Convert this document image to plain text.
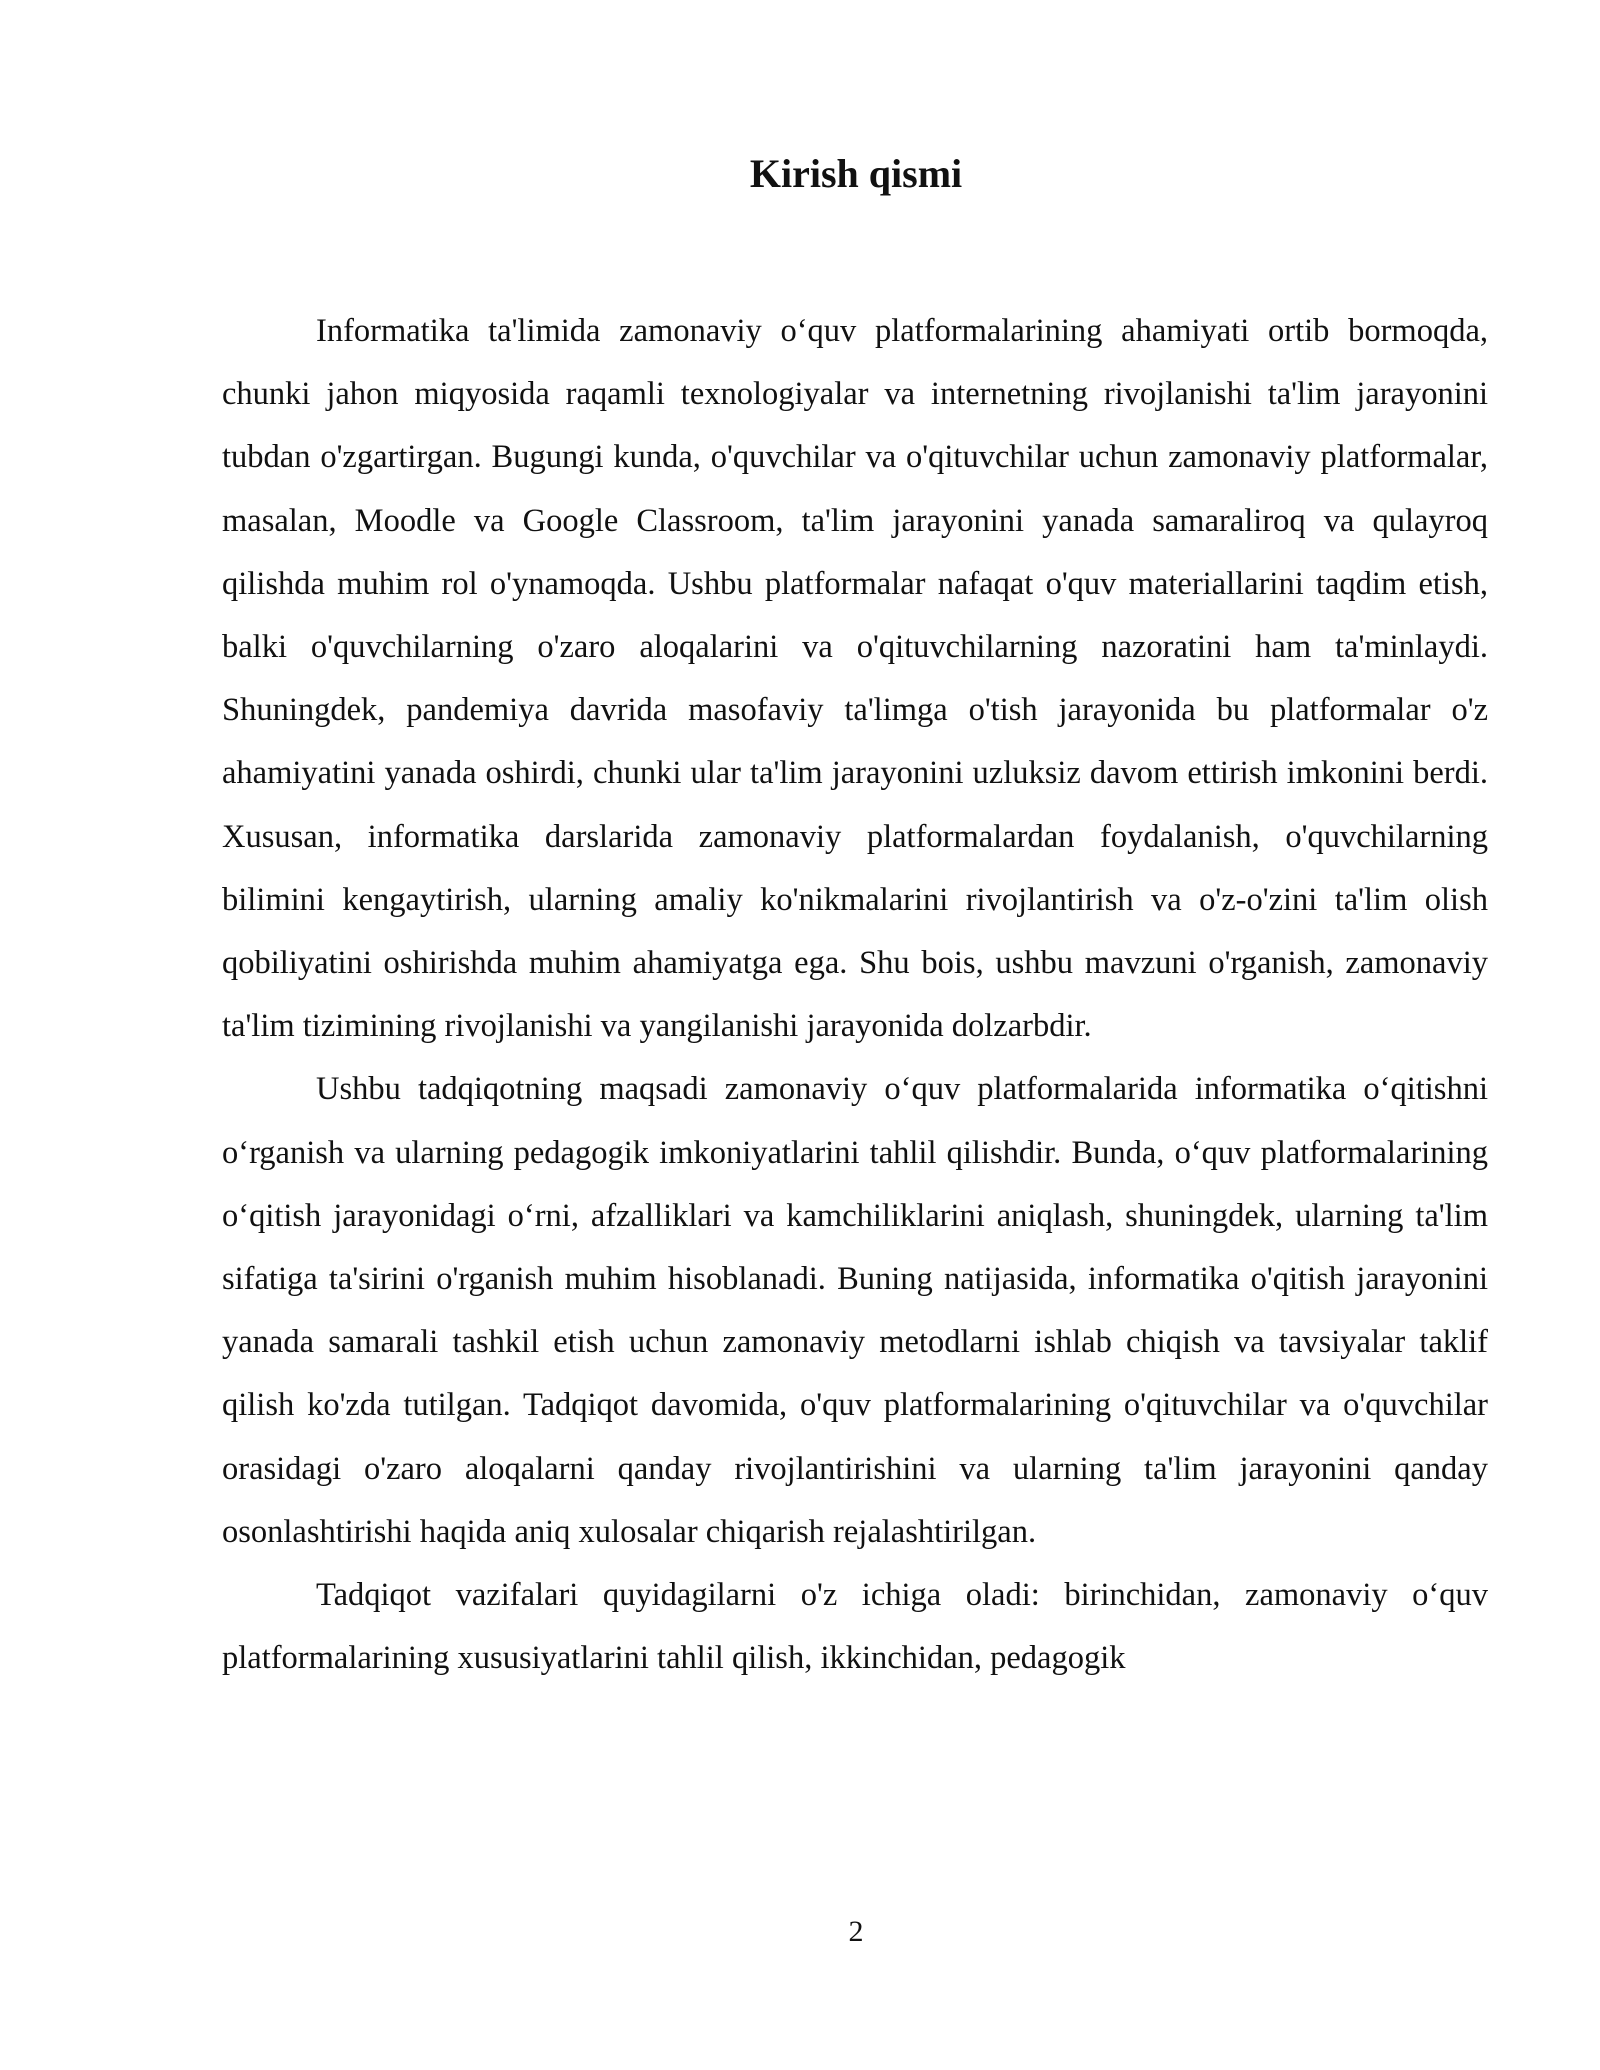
Kirish qismi

Informatika ta'limida zamonaviy o‘quv platformalarining ahamiyati ortib bormoqda, chunki jahon miqyosida raqamli texnologiyalar va internetning rivojlanishi ta'lim jarayonini tubdan o'zgartirgan. Bugungi kunda, o'quvchilar va o'qituvchilar uchun zamonaviy platformalar, masalan, Moodle va Google Classroom, ta'lim jarayonini yanada samaraliroq va qulayroq qilishda muhim rol o'ynamoqda. Ushbu platformalar nafaqat o'quv materiallarini taqdim etish, balki o'quvchilarning o'zaro aloqalarini va o'qituvchilarning nazoratini ham ta'minlaydi. Shuningdek, pandemiya davrida masofaviy ta'limga o'tish jarayonida bu platformalar o'z ahamiyatini yanada oshirdi, chunki ular ta'lim jarayonini uzluksiz davom ettirish imkonini berdi. Xususan, informatika darslarida zamonaviy platformalardan foydalanish, o'quvchilarning bilimini kengaytirish, ularning amaliy ko'nikmalarini rivojlantirish va o'z-o'zini ta'lim olish qobiliyatini oshirishda muhim ahamiyatga ega. Shu bois, ushbu mavzuni o'rganish, zamonaviy ta'lim tizimining rivojlanishi va yangilanishi jarayonida dolzarbdir.

Ushbu tadqiqotning maqsadi zamonaviy o‘quv platformalarida informatika o‘qitishni o‘rganish va ularning pedagogik imkoniyatlarini tahlil qilishdir. Bunda, o‘quv platformalarining o‘qitish jarayonidagi o‘rni, afzalliklari va kamchiliklarini aniqlash, shuningdek, ularning ta'lim sifatiga ta'sirini o'rganish muhim hisoblanadi. Buning natijasida, informatika o'qitish jarayonini yanada samarali tashkil etish uchun zamonaviy metodlarni ishlab chiqish va tavsiyalar taklif qilish ko'zda tutilgan. Tadqiqot davomida, o'quv platformalarining o'qituvchilar va o'quvchilar orasidagi o'zaro aloqalarni qanday rivojlantirishini va ularning ta'lim jarayonini qanday osonlashtirishi haqida aniq xulosalar chiqarish rejalashtirilgan.

Tadqiqot vazifalari quyidagilarni o'z ichiga oladi: birinchidan, zamonaviy o‘quv platformalarining xususiyatlarini tahlil qilish, ikkinchidan, pedagogik

2
